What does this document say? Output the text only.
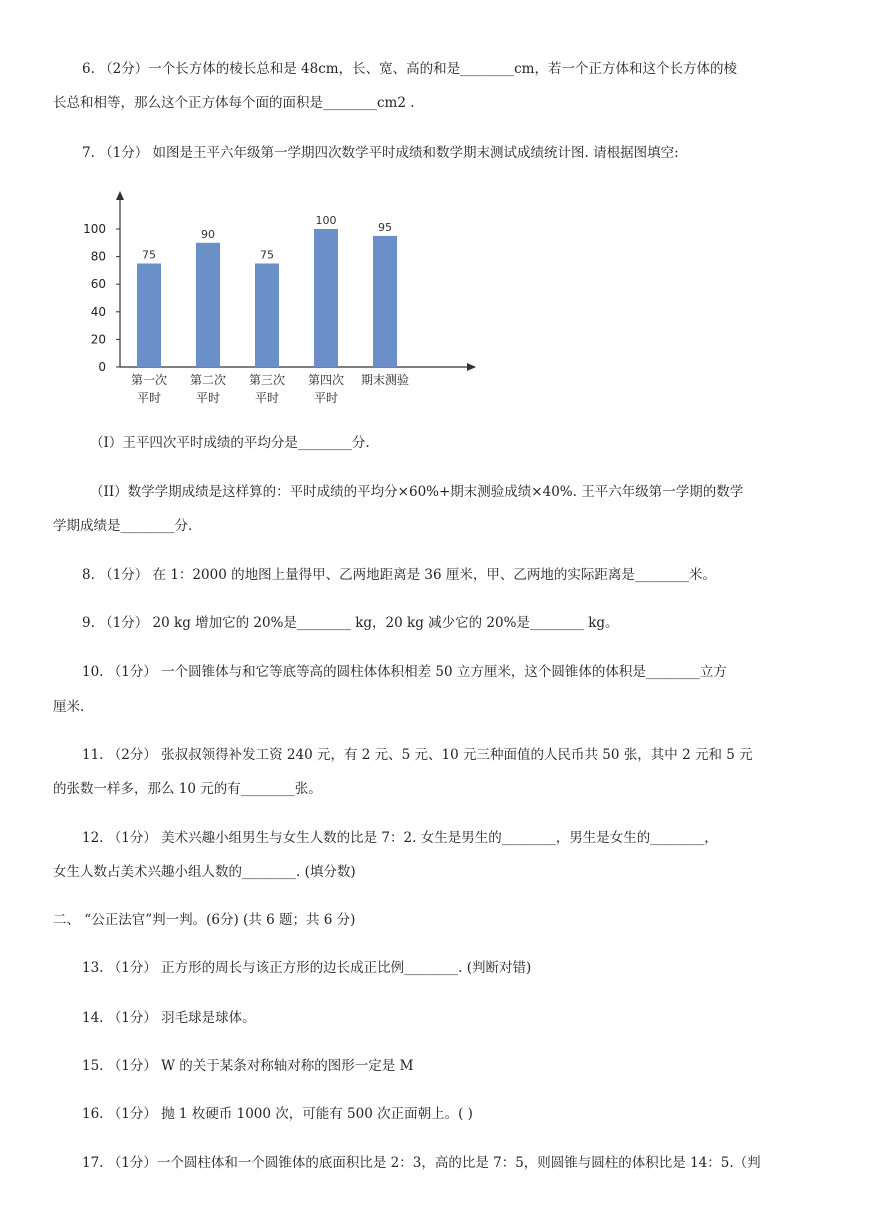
6. （2分）一个长方体的棱长总和是 48cm，长、宽、高的和是________cm，若一个正方体和这个长方体的棱
长总和相等，那么这个正方体每个面的面积是________cm2 .
7. （1分） 如图是王平六年级第一学期四次数学平时成绩和数学期末测试成绩统计图. 请根据图填空:
0
20
40
60
80
100
75
90
75
100
95
第一次
平时
第二次
平时
第三次
平时
第四次
平时
期末测验
（I）王平四次平时成绩的平均分是________分.
（II）数学学期成绩是这样算的：平时成绩的平均分×60%+期末测验成绩×40%. 王平六年级第一学期的数学
学期成绩是________分.
8. （1分） 在 1：2000 的地图上量得甲、乙两地距离是 36 厘米，甲、乙两地的实际距离是________米。
9. （1分） 20 kg 增加它的 20%是________ kg，20 kg 减少它的 20%是________ kg。
10. （1分） 一个圆锥体与和它等底等高的圆柱体体积相差 50 立方厘米，这个圆锥体的体积是________立方
厘米.
11. （2分） 张叔叔领得补发工资 240 元，有 2 元、5 元、10 元三种面值的人民币共 50 张，其中 2 元和 5 元
的张数一样多，那么 10 元的有________张。
12. （1分） 美术兴趣小组男生与女生人数的比是 7：2. 女生是男生的________，男生是女生的________，
女生人数占美术兴趣小组人数的________. (填分数)
二、 “公正法官”判一判。(6分) (共 6 题；共 6 分)
13. （1分） 正方形的周长与该正方形的边长成正比例________. (判断对错)
14. （1分） 羽毛球是球体。
15. （1分） W 的关于某条对称轴对称的图形一定是 M
16. （1分） 抛 1 枚硬币 1000 次，可能有 500 次正面朝上。( )
17. （1分）一个圆柱体和一个圆锥体的底面积比是 2：3，高的比是 7：5，则圆锥与圆柱的体积比是 14：5.（判
